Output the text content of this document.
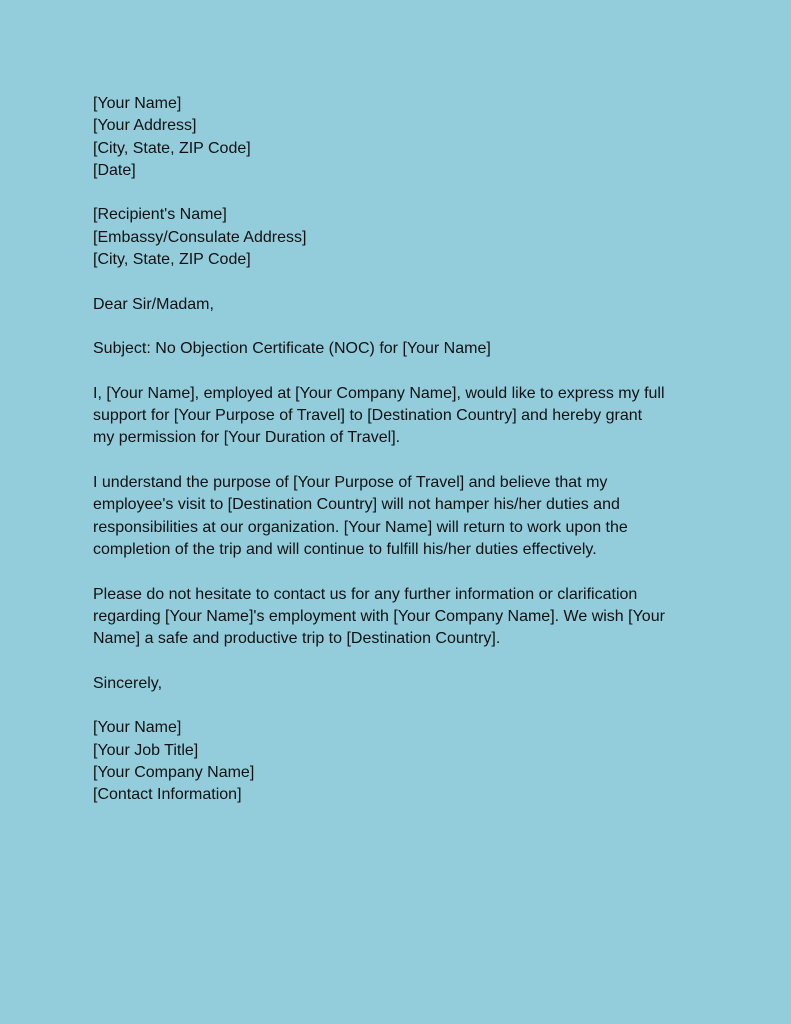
[Your Name]
[Your Address]
[City, State, ZIP Code]
[Date]
[Recipient's Name]
[Embassy/Consulate Address]
[City, State, ZIP Code]
Dear Sir/Madam,
Subject: No Objection Certificate (NOC) for [Your Name]
I, [Your Name], employed at [Your Company Name], would like to express my full
support for [Your Purpose of Travel] to [Destination Country] and hereby grant
my permission for [Your Duration of Travel].
I understand the purpose of [Your Purpose of Travel] and believe that my
employee's visit to [Destination Country] will not hamper his/her duties and
responsibilities at our organization. [Your Name] will return to work upon the
completion of the trip and will continue to fulfill his/her duties effectively.
Please do not hesitate to contact us for any further information or clarification
regarding [Your Name]'s employment with [Your Company Name]. We wish [Your
Name] a safe and productive trip to [Destination Country].
Sincerely,
[Your Name]
[Your Job Title]
[Your Company Name]
[Contact Information]
